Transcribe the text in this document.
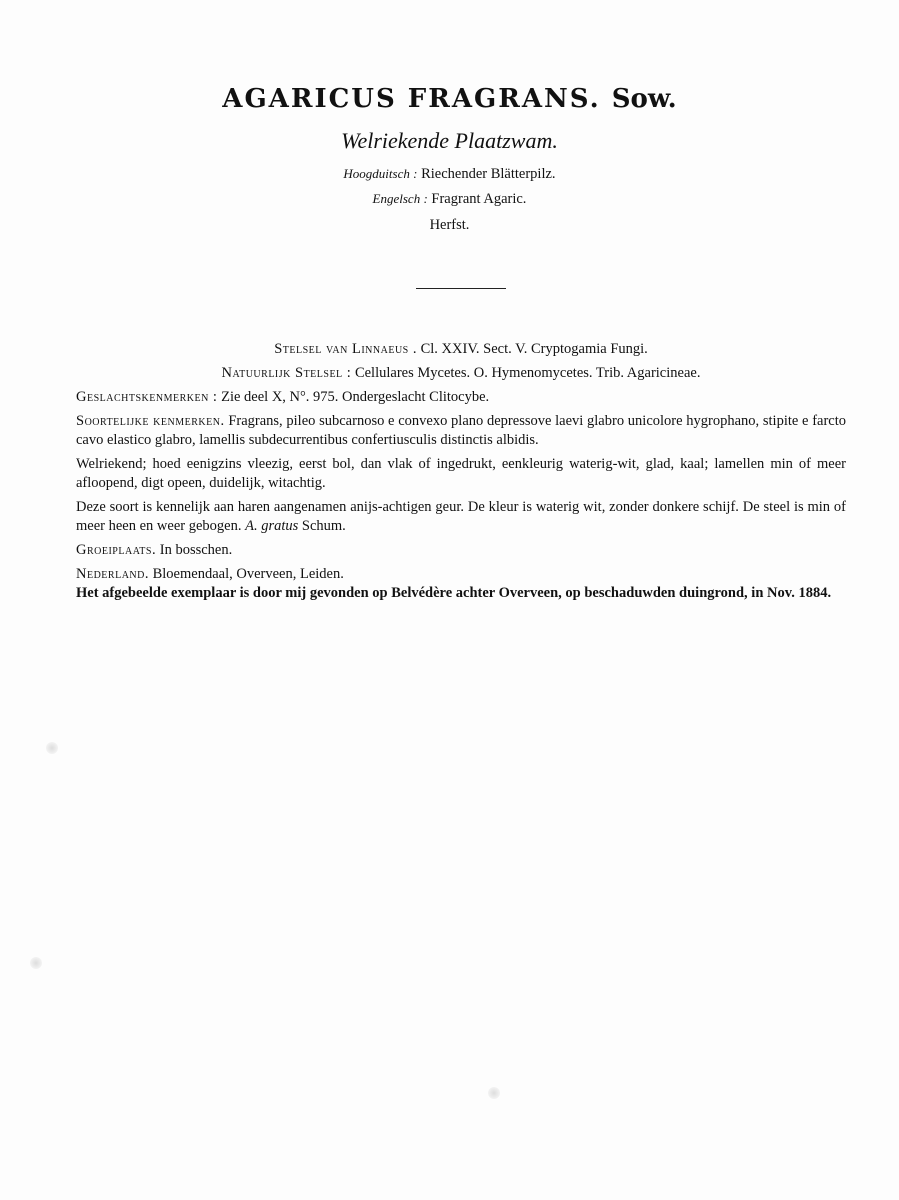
AGARICUS FRAGRANS. Sow.
Welriekende Plaatzwam.
Hoogduitsch : Riechender Blätterpilz.
Engelsch : Fragrant Agaric.
Herfst.

Stelsel van Linnaeus . Cl. XXIV. Sect. V. Cryptogamia Fungi.

Natuurlijk Stelsel : Cellulares Mycetes. O. Hymenomycetes. Trib. Agaricineae.

Geslachtskenmerken : Zie deel X, N°. 975. Ondergeslacht Clitocybe.

Soortelijke kenmerken. Fragrans, pileo subcarnoso e convexo plano depressove laevi glabro unicolore hygrophano, stipite e farcto cavo elastico glabro, lamellis subdecurrentibus confertiusculis distinctis albidis.

Welriekend; hoed eenigzins vleezig, eerst bol, dan vlak of ingedrukt, eenkleurig waterig-wit, glad, kaal; lamellen min of meer afloopend, digt opeen, duidelijk, witachtig.

Deze soort is kennelijk aan haren aangenamen anijs-achtigen geur. De kleur is waterig wit, zonder donkere schijf. De steel is min of meer heen en weer gebogen. A. gratus Schum.

Groeiplaats. In bosschen.

Nederland. Bloemendaal, Overveen, Leiden.

Het afgebeelde exemplaar is door mij gevonden op Belvédère achter Overveen, op beschaduwden duingrond, in Nov. 1884.
